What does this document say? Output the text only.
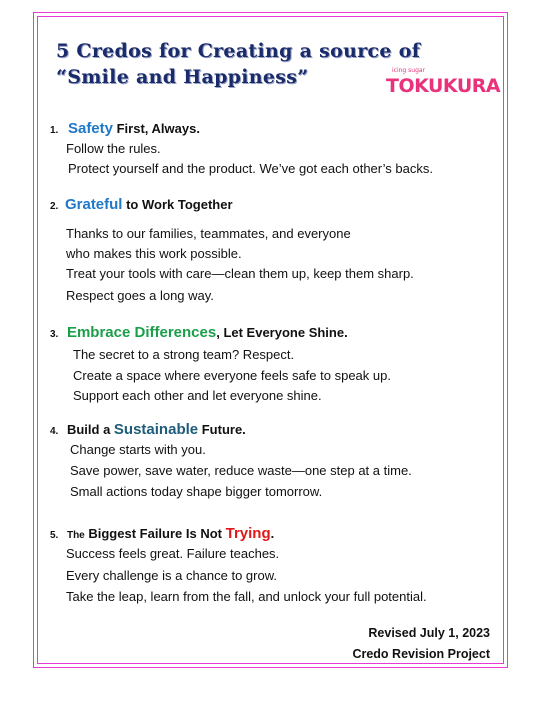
5 Credos for Creating a source of
“Smile and Happiness”	icing sugar
TOKUKURA
1. Safety First, Always.
Follow the rules.
Protect yourself and the product. We’ve got each other’s backs.
2. Grateful to Work Together
Thanks to our families, teammates, and everyone
who makes this work possible.
Treat your tools with care—clean them up, keep them sharp.
Respect goes a long way.
3. Embrace Differences, Let Everyone Shine.
The secret to a strong team? Respect.
Create a space where everyone feels safe to speak up.
Support each other and let everyone shine.
4. Build a Sustainable Future.
Change starts with you.
Save power, save water, reduce waste—one step at a time.
Small actions today shape bigger tomorrow.
5. The Biggest Failure Is Not Trying.
Success feels great. Failure teaches.
Every challenge is a chance to grow.
Take the leap, learn from the fall, and unlock your full potential.
Revised July 1, 2023
Credo Revision Project
